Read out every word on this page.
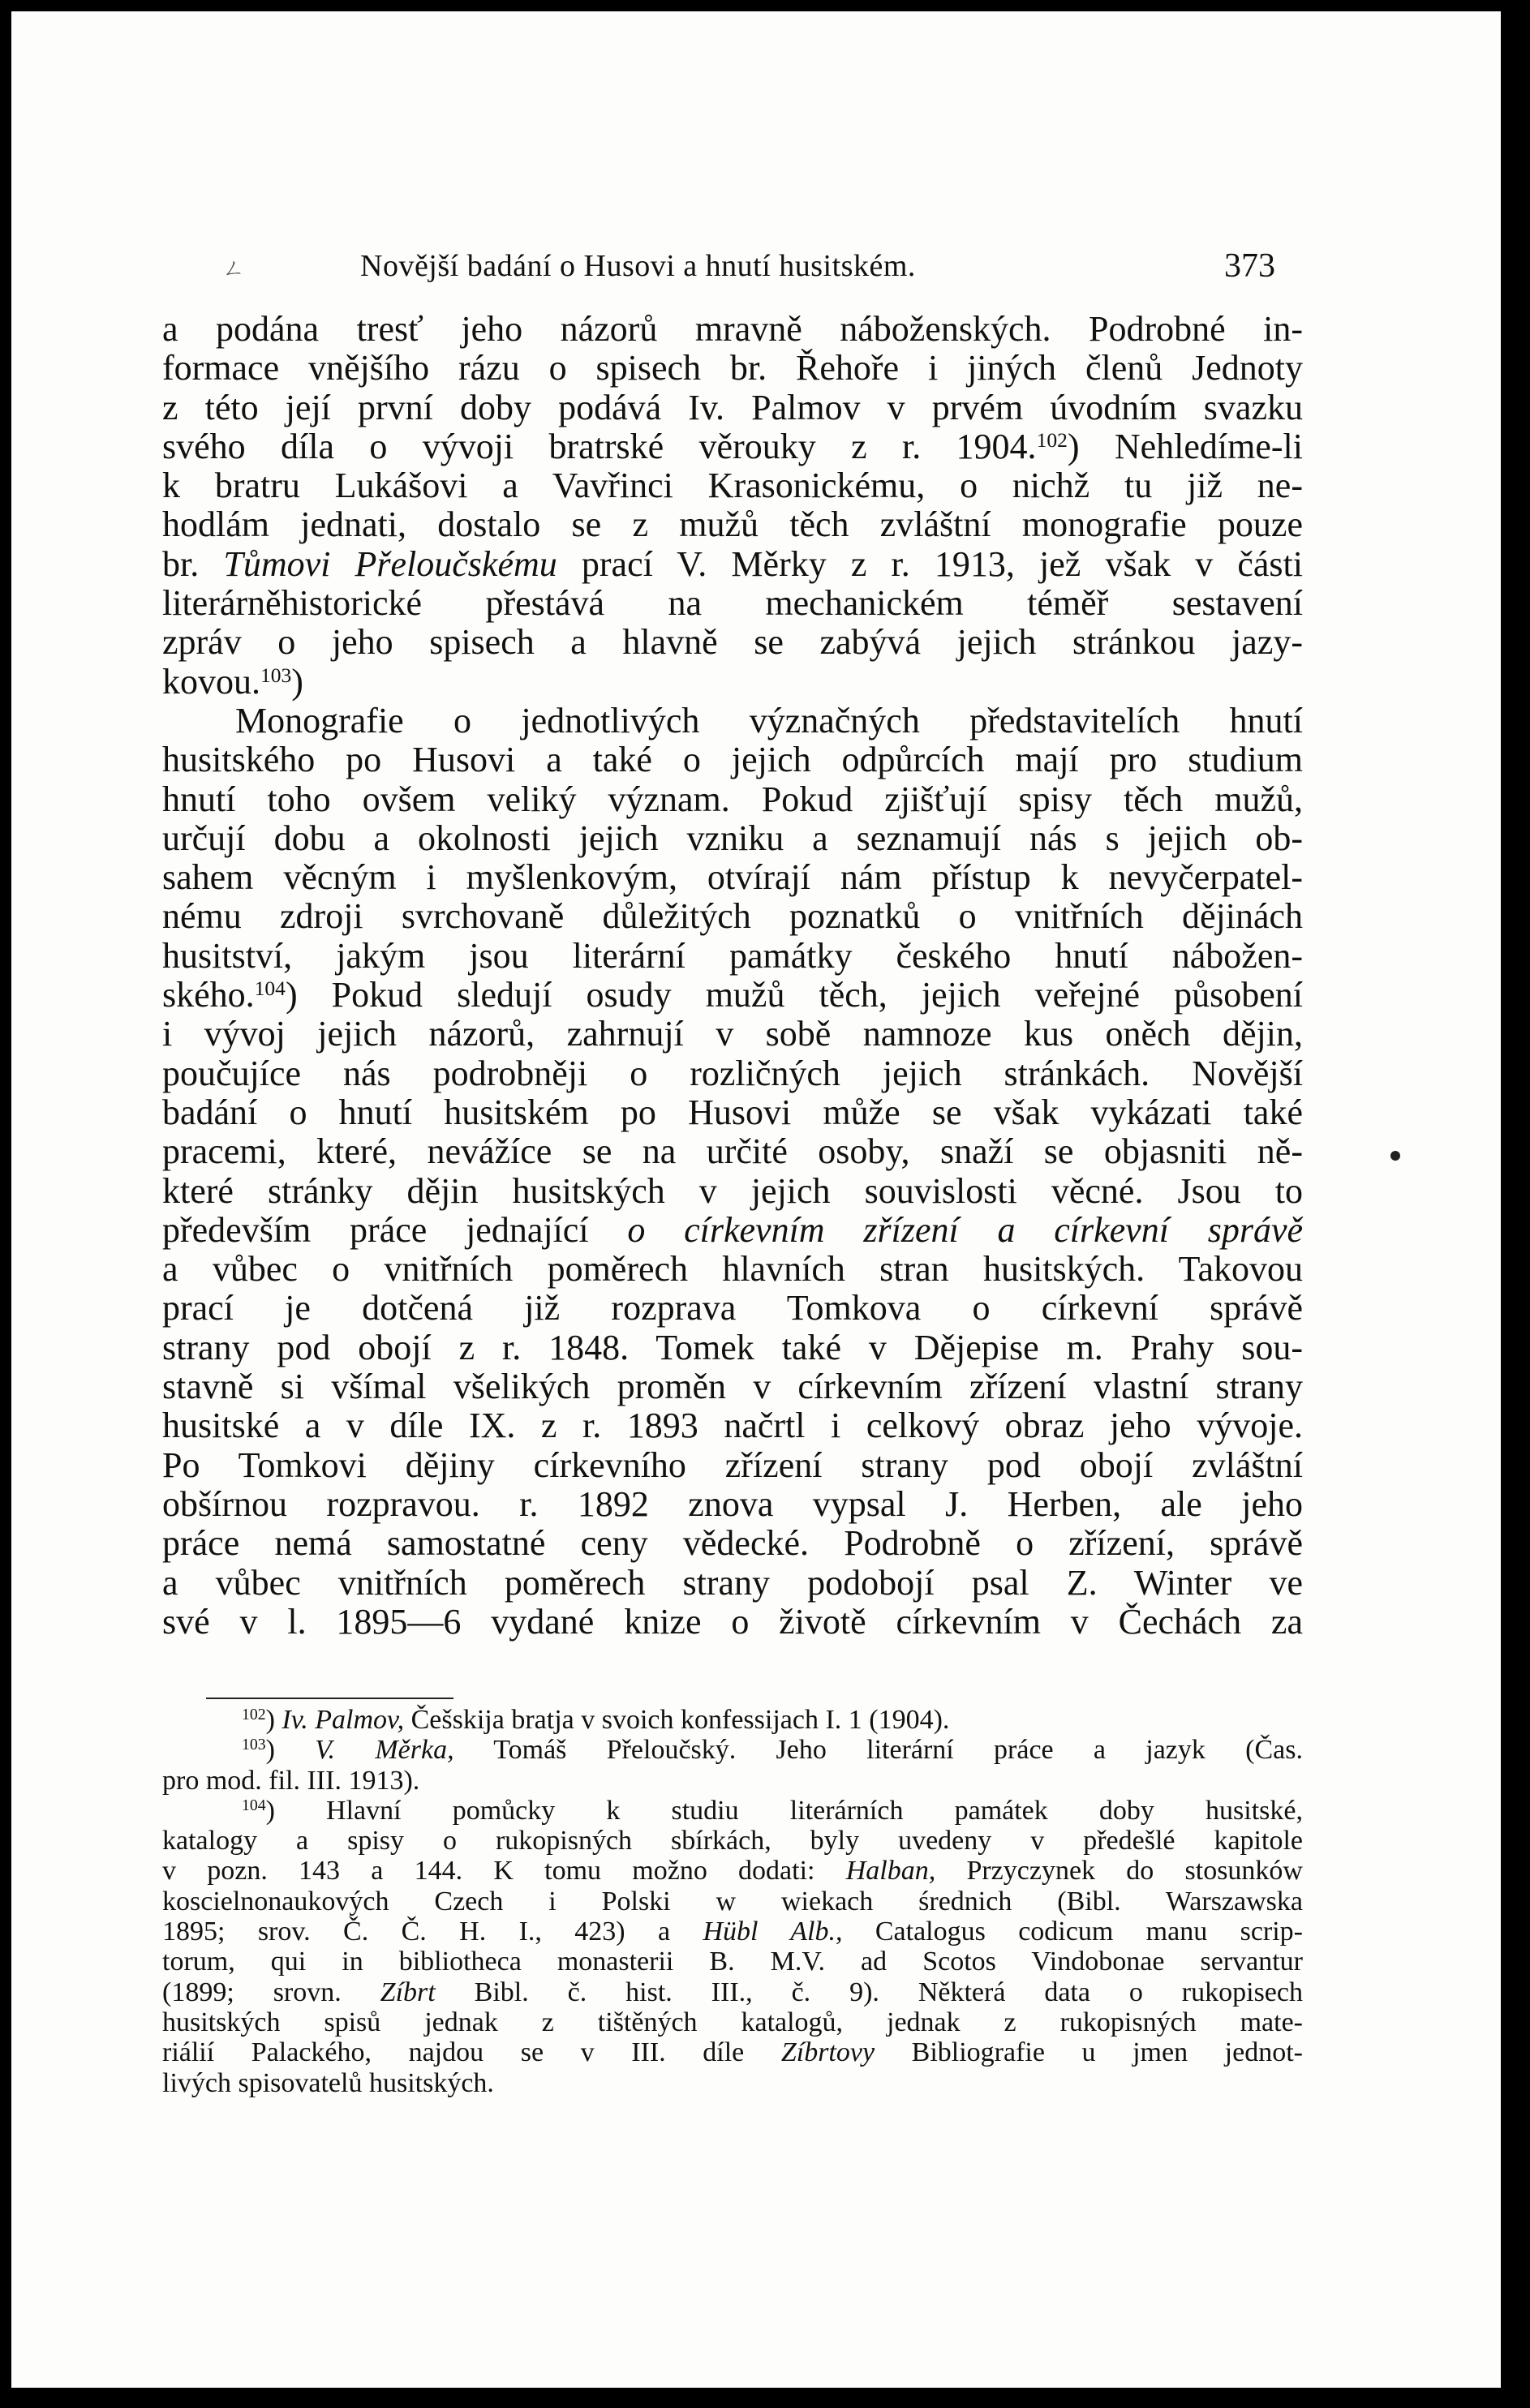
ㄥ	Novější badání o Husovi a hnutí husitském.	373

a podána tresť jeho názorů mravně náboženských. Podrobné in-
formace vnějšího rázu o spisech br. Řehoře i jiných členů Jednoty
z této její první doby podává Iv. Palmov v prvém úvodním svazku
svého díla o vývoji bratrské věrouky z r. 1904.$^{102}$) Nehledíme-li
k bratru Lukášovi a Vavřinci Krasonickému, o nichž tu již ne-
hodlám jednati, dostalo se z mužů těch zvláštní monografie pouze
br. Tůmovi Přeloučskému prací V. Měrky z r. 1913, jež však v části
literárněhistorické přestává na mechanickém téměř sestavení
zpráv o jeho spisech a hlavně se zabývá jejich stránkou jazy-
kovou.$^{103}$)

Monografie o jednotlivých význačných představitelích hnutí
husitského po Husovi a také o jejich odpůrcích mají pro studium
hnutí toho ovšem veliký význam. Pokud zjišťují spisy těch mužů,
určují dobu a okolnosti jejich vzniku a seznamují nás s jejich ob-
sahem věcným i myšlenkovým, otvírají nám přístup k nevyčerpatel-
nému zdroji svrchovaně důležitých poznatků o vnitřních dějinách
husitství, jakým jsou literární památky českého hnutí nábožen-
ského.$^{104}$) Pokud sledují osudy mužů těch, jejich veřejné působení
i vývoj jejich názorů, zahrnují v sobě namnoze kus oněch dějin,
poučujíce nás podrobněji o rozličných jejich stránkách. Novější
badání o hnutí husitském po Husovi může se však vykázati také
pracemi, které, nevážíce se na určité osoby, snaží se objasniti ně-
které stránky dějin husitských v jejich souvislosti věcné. Jsou to
především práce jednající o církevním zřízení a církevní správě
a vůbec o vnitřních poměrech hlavních stran husitských. Takovou
prací je dotčená již rozprava Tomkova o církevní správě
strany pod obojí z r. 1848. Tomek také v Dějepise m. Prahy sou-
stavně si všímal všelikých proměn v církevním zřízení vlastní strany
husitské a v díle IX. z r. 1893 načrtl i celkový obraz jeho vývoje.
Po Tomkovi dějiny církevního zřízení strany pod obojí zvláštní
obšírnou rozpravou. r. 1892 znova vypsal J. Herben, ale jeho
práce nemá samostatné ceny vědecké. Podrobně o zřízení, správě
a vůbec vnitřních poměrech strany podobojí psal Z. Winter ve
své v l. 1895—6 vydané knize o životě církevním v Čechách za

$^{102}$) Iv. Palmov, Češskija bratja v svoich konfessijach I. 1 (1904).

$^{103}$) V. Měrka, Tomáš Přeloučský. Jeho literární práce a jazyk (Čas.
pro mod. fil. III. 1913).

$^{104}$) Hlavní pomůcky k studiu literárních památek doby husitské,
katalogy a spisy o rukopisných sbírkách, byly uvedeny v předešlé kapitole
v pozn. 143 a 144. K tomu možno dodati: Halban, Przyczynek do stosunków
koscielnonaukových Czech i Polski w wiekach średnich (Bibl. Warszawska
1895; srov. Č. Č. H. I., 423) a Hübl Alb., Catalogus codicum manu scrip-
torum, qui in bibliotheca monasterii B. M.V. ad Scotos Vindobonae servantur
(1899; srovn. Zíbrt Bibl. č. hist. III., č. 9). Některá data o rukopisech
husitských spisů jednak z tištěných katalogů, jednak z rukopisných mate-
riálií Palackého, najdou se v III. díle Zíbrtovy Bibliografie u jmen jednot-
livých spisovatelů husitských.
